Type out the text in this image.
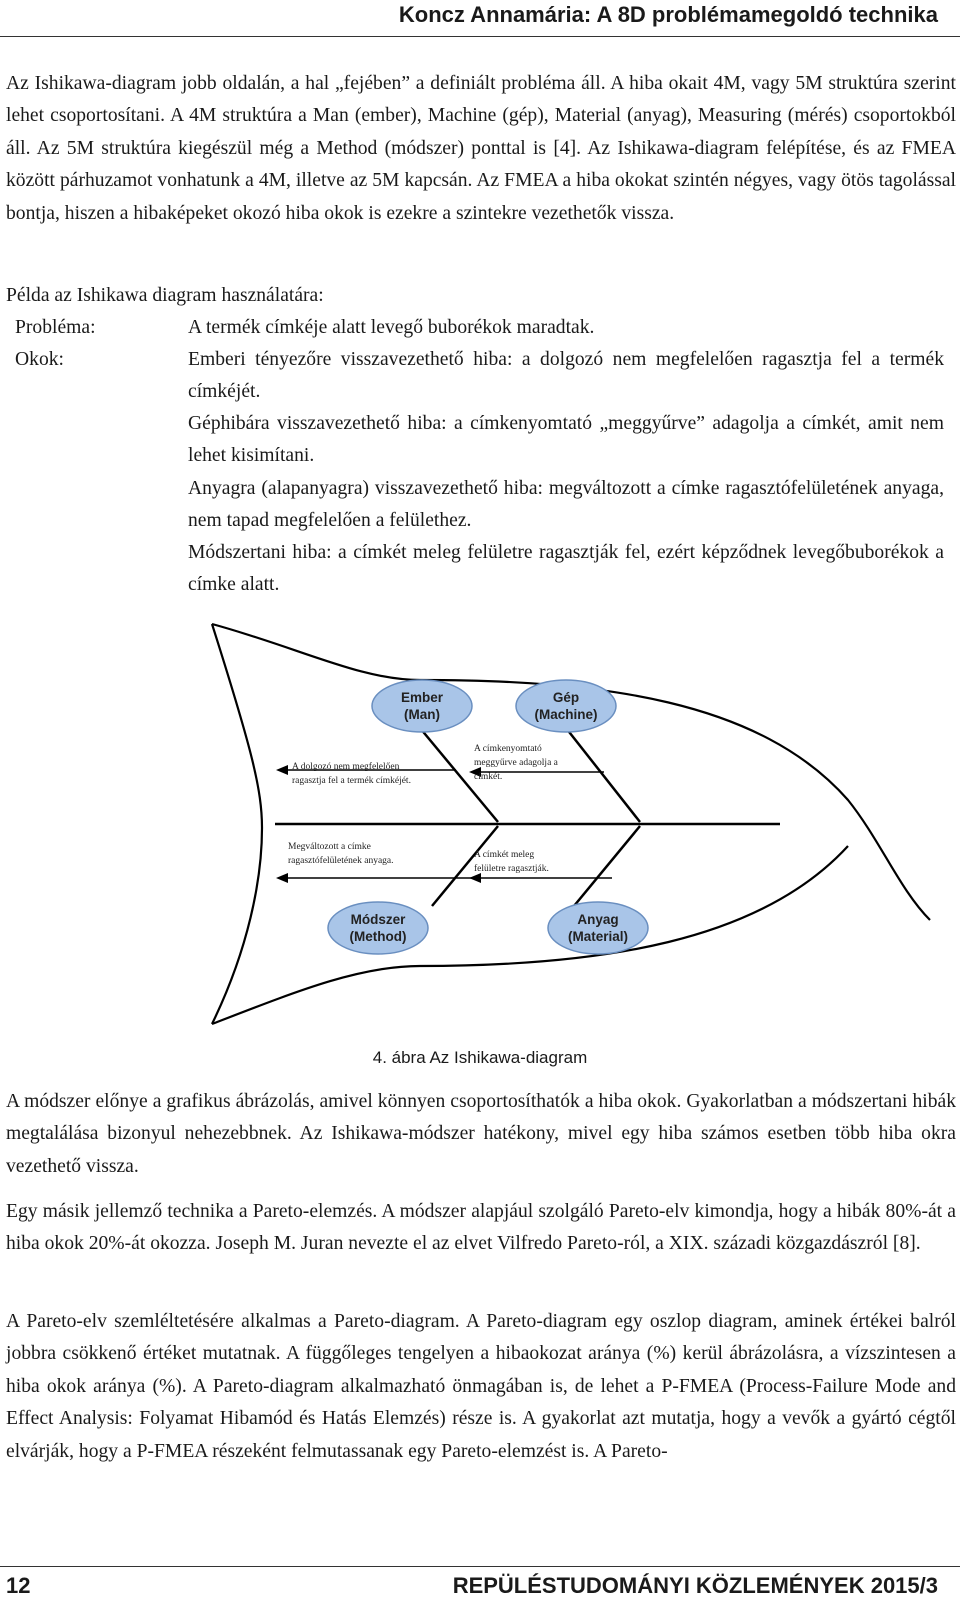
Koncz Annamária: A 8D problémamegoldó technika

Az Ishikawa-diagram jobb oldalán, a hal „fejében” a definiált probléma áll. A hiba okait 4M, vagy 5M struktúra szerint lehet csoportosítani. A 4M struktúra a Man (ember), Machine (gép), Material (anyag), Measuring (mérés) csoportokból áll. Az 5M struktúra kiegészül még a Method (módszer) ponttal is [4]. Az Ishikawa-diagram felépítése, és az FMEA között párhuzamot vonhatunk a 4M, illetve az 5M kapcsán. Az FMEA a hiba okokat szintén négyes, vagy ötös tagolással bontja, hiszen a hibaképeket okozó hiba okok is ezekre a szintekre vezethetők vissza.

Példa az Ishikawa diagram használatára:

Probléma:	A termék címkéje alatt levegő buborékok maradtak.

Okok:	Emberi tényezőre visszavezethető hiba: a dolgozó nem megfelelően ragasztja fel a termék címkéjét.

Géphibára visszavezethető hiba: a címkenyomtató „meggyűrve” adagolja a címkét, amit nem lehet kisimítani.

Anyagra (alapanyagra) visszavezethető hiba: megváltozott a címke ragasztófelületének anyaga, nem tapad megfelelően a felülethez.

Módszertani hiba: a címkét meleg felületre ragasztják fel, ezért képződnek levegőbuborékok a címke alatt.

Ember
(Man)
Gép
(Machine)
Módszer
(Method)
Anyag
(Material)
A dolgozó nem megfelelően
ragasztja fel a termék címkéjét.
A címkenyomtató
meggyűrve adagolja a
címkét.
Megváltozott a címke
ragasztófelületének anyaga.
A címkét meleg
felületre ragasztják.
4. ábra Az Ishikawa-diagram

A módszer előnye a grafikus ábrázolás, amivel könnyen csoportosíthatók a hiba okok. Gyakorlatban a módszertani hibák megtalálása bizonyul nehezebbnek. Az Ishikawa-módszer hatékony, mivel egy hiba számos esetben több hiba okra vezethető vissza.

Egy másik jellemző technika a Pareto-elemzés. A módszer alapjául szolgáló Pareto-elv kimondja, hogy a hibák 80%-át a hiba okok 20%-át okozza. Joseph M. Juran nevezte el az elvet Vilfredo Pareto-ról, a XIX. századi közgazdászról [8].

A Pareto-elv szemléltetésére alkalmas a Pareto-diagram. A Pareto-diagram egy oszlop diagram, aminek értékei balról jobbra csökkenő értéket mutatnak. A függőleges tengelyen a hibaokozat aránya (%) kerül ábrázolásra, a vízszintesen a hiba okok aránya (%). A Pareto-diagram alkalmazható önmagában is, de lehet a P-FMEA (Process-Failure Mode and Effect Analysis: Folyamat Hibamód és Hatás Elemzés) része is. A gyakorlat azt mutatja, hogy a vevők a gyártó cégtől elvárják, hogy a P-FMEA részeként felmutassanak egy Pareto-elemzést is. A Pareto-

12	REPÜLÉSTUDOMÁNYI KÖZLEMÉNYEK 2015/3
